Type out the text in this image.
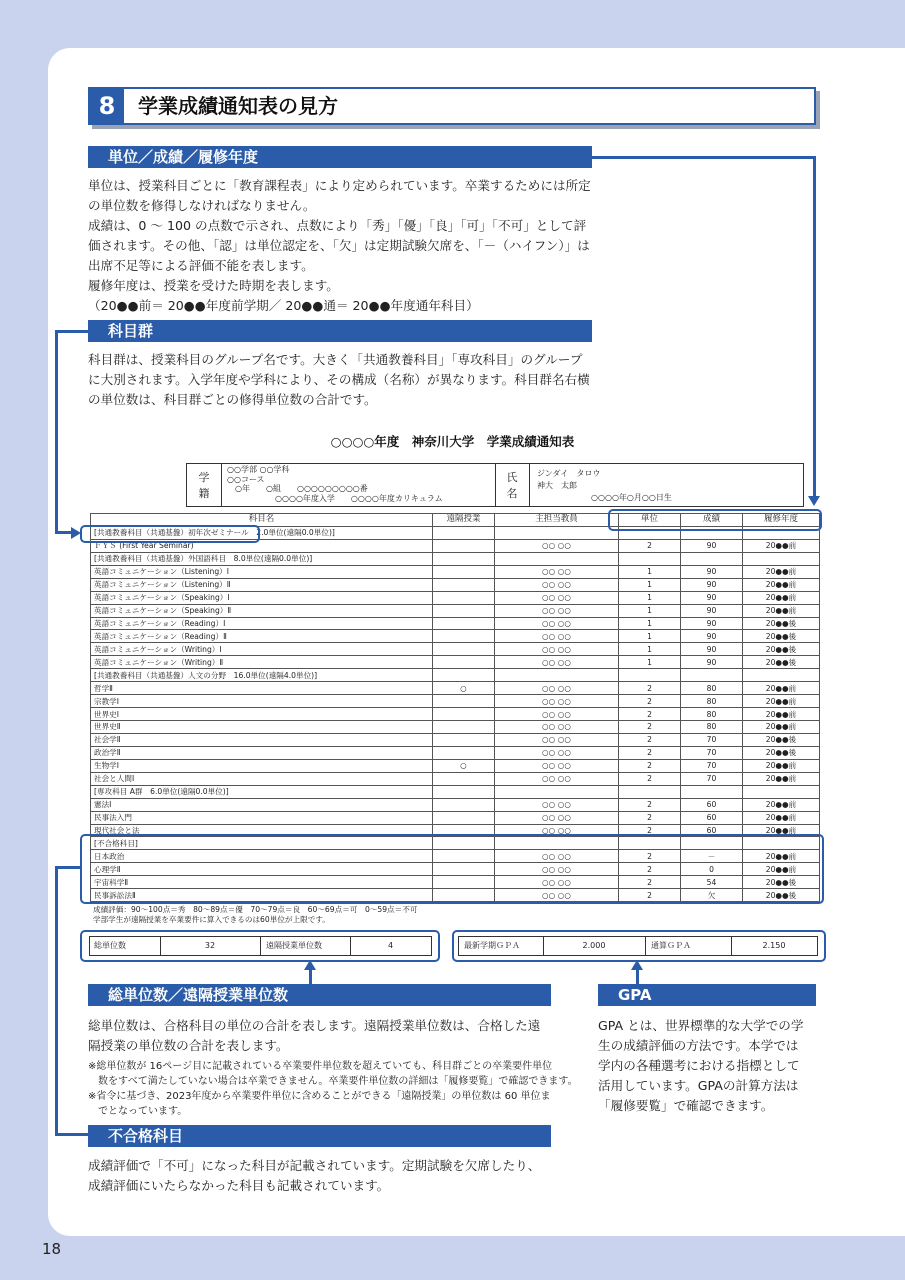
18
8	学業成績通知表の見方
単位／成績／履修年度
単位は、授業科目ごとに「教育課程表」により定められています。卒業するためには所定
の単位数を修得しなければなりません。
成績は、0 ～ 100 の点数で示され、点数により「秀」「優」「良」「可」「不可」として評
価されます。その他、「認」は単位認定を、「欠」は定期試験欠席を、「－（ハイフン）」は
出席不足等による評価不能を表します。
履修年度は、授業を受けた時期を表します。
（20●●前＝ 20●●年度前学期／ 20●●通＝ 20●●年度通年科目）
科目群
科目群は、授業科目のグループ名です。大きく「共通教養科目」「専攻科目」のグループ
に大別されます。入学年度や学科により、その構成（名称）が異なります。科目群名右横
の単位数は、科目群ごとの修得単位数の合計です。
○○○○年度　神奈川大学　学業成績通知表
学籍
○○学部 ○○学科
○○コース
　○年　　○組　　○○○○○○○○○番
　　　　　　○○○○年度入学　　○○○○年度カリキュラム
氏名
ジンダイ　タロウ
神大　太郎
○○○○年○月○○日生
科目名	遠隔授業	主担当教員	単位	成績	履修年度
[共通教養科目（共通基盤）初年次ゼミナール　2.0単位(遠隔0.0単位)]					
ＦＹＳ (First Year Seminar)		○○ ○○	2	90	20●●前
[共通教養科目（共通基盤）外国語科目　8.0単位(遠隔0.0単位)]					
英語コミュニケーション（Listening）Ⅰ		○○ ○○	1	90	20●●前
英語コミュニケーション（Listening）Ⅱ		○○ ○○	1	90	20●●前
英語コミュニケーション（Speaking）Ⅰ		○○ ○○	1	90	20●●前
英語コミュニケーション（Speaking）Ⅱ		○○ ○○	1	90	20●●前
英語コミュニケーション（Reading）Ⅰ		○○ ○○	1	90	20●●後
英語コミュニケーション（Reading）Ⅱ		○○ ○○	1	90	20●●後
英語コミュニケーション（Writing）Ⅰ		○○ ○○	1	90	20●●後
英語コミュニケーション（Writing）Ⅱ		○○ ○○	1	90	20●●後
[共通教養科目（共通基盤）人文の分野　16.0単位(遠隔4.0単位)]					
哲学Ⅱ	○	○○ ○○	2	80	20●●前
宗教学Ⅰ		○○ ○○	2	80	20●●前
世界史Ⅰ		○○ ○○	2	80	20●●前
世界史Ⅱ		○○ ○○	2	80	20●●前
社会学Ⅱ		○○ ○○	2	70	20●●後
政治学Ⅱ		○○ ○○	2	70	20●●後
生物学Ⅰ	○	○○ ○○	2	70	20●●前
社会と人間Ⅰ		○○ ○○	2	70	20●●前
[専攻科目 A群　6.0単位(遠隔0.0単位)]					
憲法Ⅰ		○○ ○○	2	60	20●●前
民事法入門		○○ ○○	2	60	20●●前
現代社会と法		○○ ○○	2	60	20●●前
[不合格科目]					
日本政治		○○ ○○	2	－	20●●前
心理学Ⅱ		○○ ○○	2	0	20●●前
宇宙科学Ⅱ		○○ ○○	2	54	20●●後
民事訴訟法Ⅱ		○○ ○○	2	欠	20●●後
成績評価：90～100点＝秀　80～89点＝優　70～79点＝良　60～69点＝可　0～59点＝不可
学部学生が遠隔授業を卒業要件に算入できるのは60単位が上限です。
総単位数	32	遠隔授業単位数	4	最新学期ＧＰＡ	2.000	通算ＧＰＡ	2.150
総単位数／遠隔授業単位数
総単位数は、合格科目の単位の合計を表します。遠隔授業単位数は、合格した遠
隔授業の単位数の合計を表します。
※総単位数が 16ページ目に記載されている卒業要件単位数を超えていても、科目群ごとの卒業要件単位
　数をすべて満たしていない場合は卒業できません。卒業要件単位数の詳細は「履修要覧」で確認できます。
※省令に基づき、2023年度から卒業要件単位に含めることができる「遠隔授業」の単位数は 60 単位ま
　でとなっています。
GPA
GPA とは、世界標準的な大学での学
生の成績評価の方法です。本学では
学内の各種選考における指標として
活用しています。GPAの計算方法は
「履修要覧」で確認できます。
不合格科目
成績評価で「不可」になった科目が記載されています。定期試験を欠席したり、
成績評価にいたらなかった科目も記載されています。
